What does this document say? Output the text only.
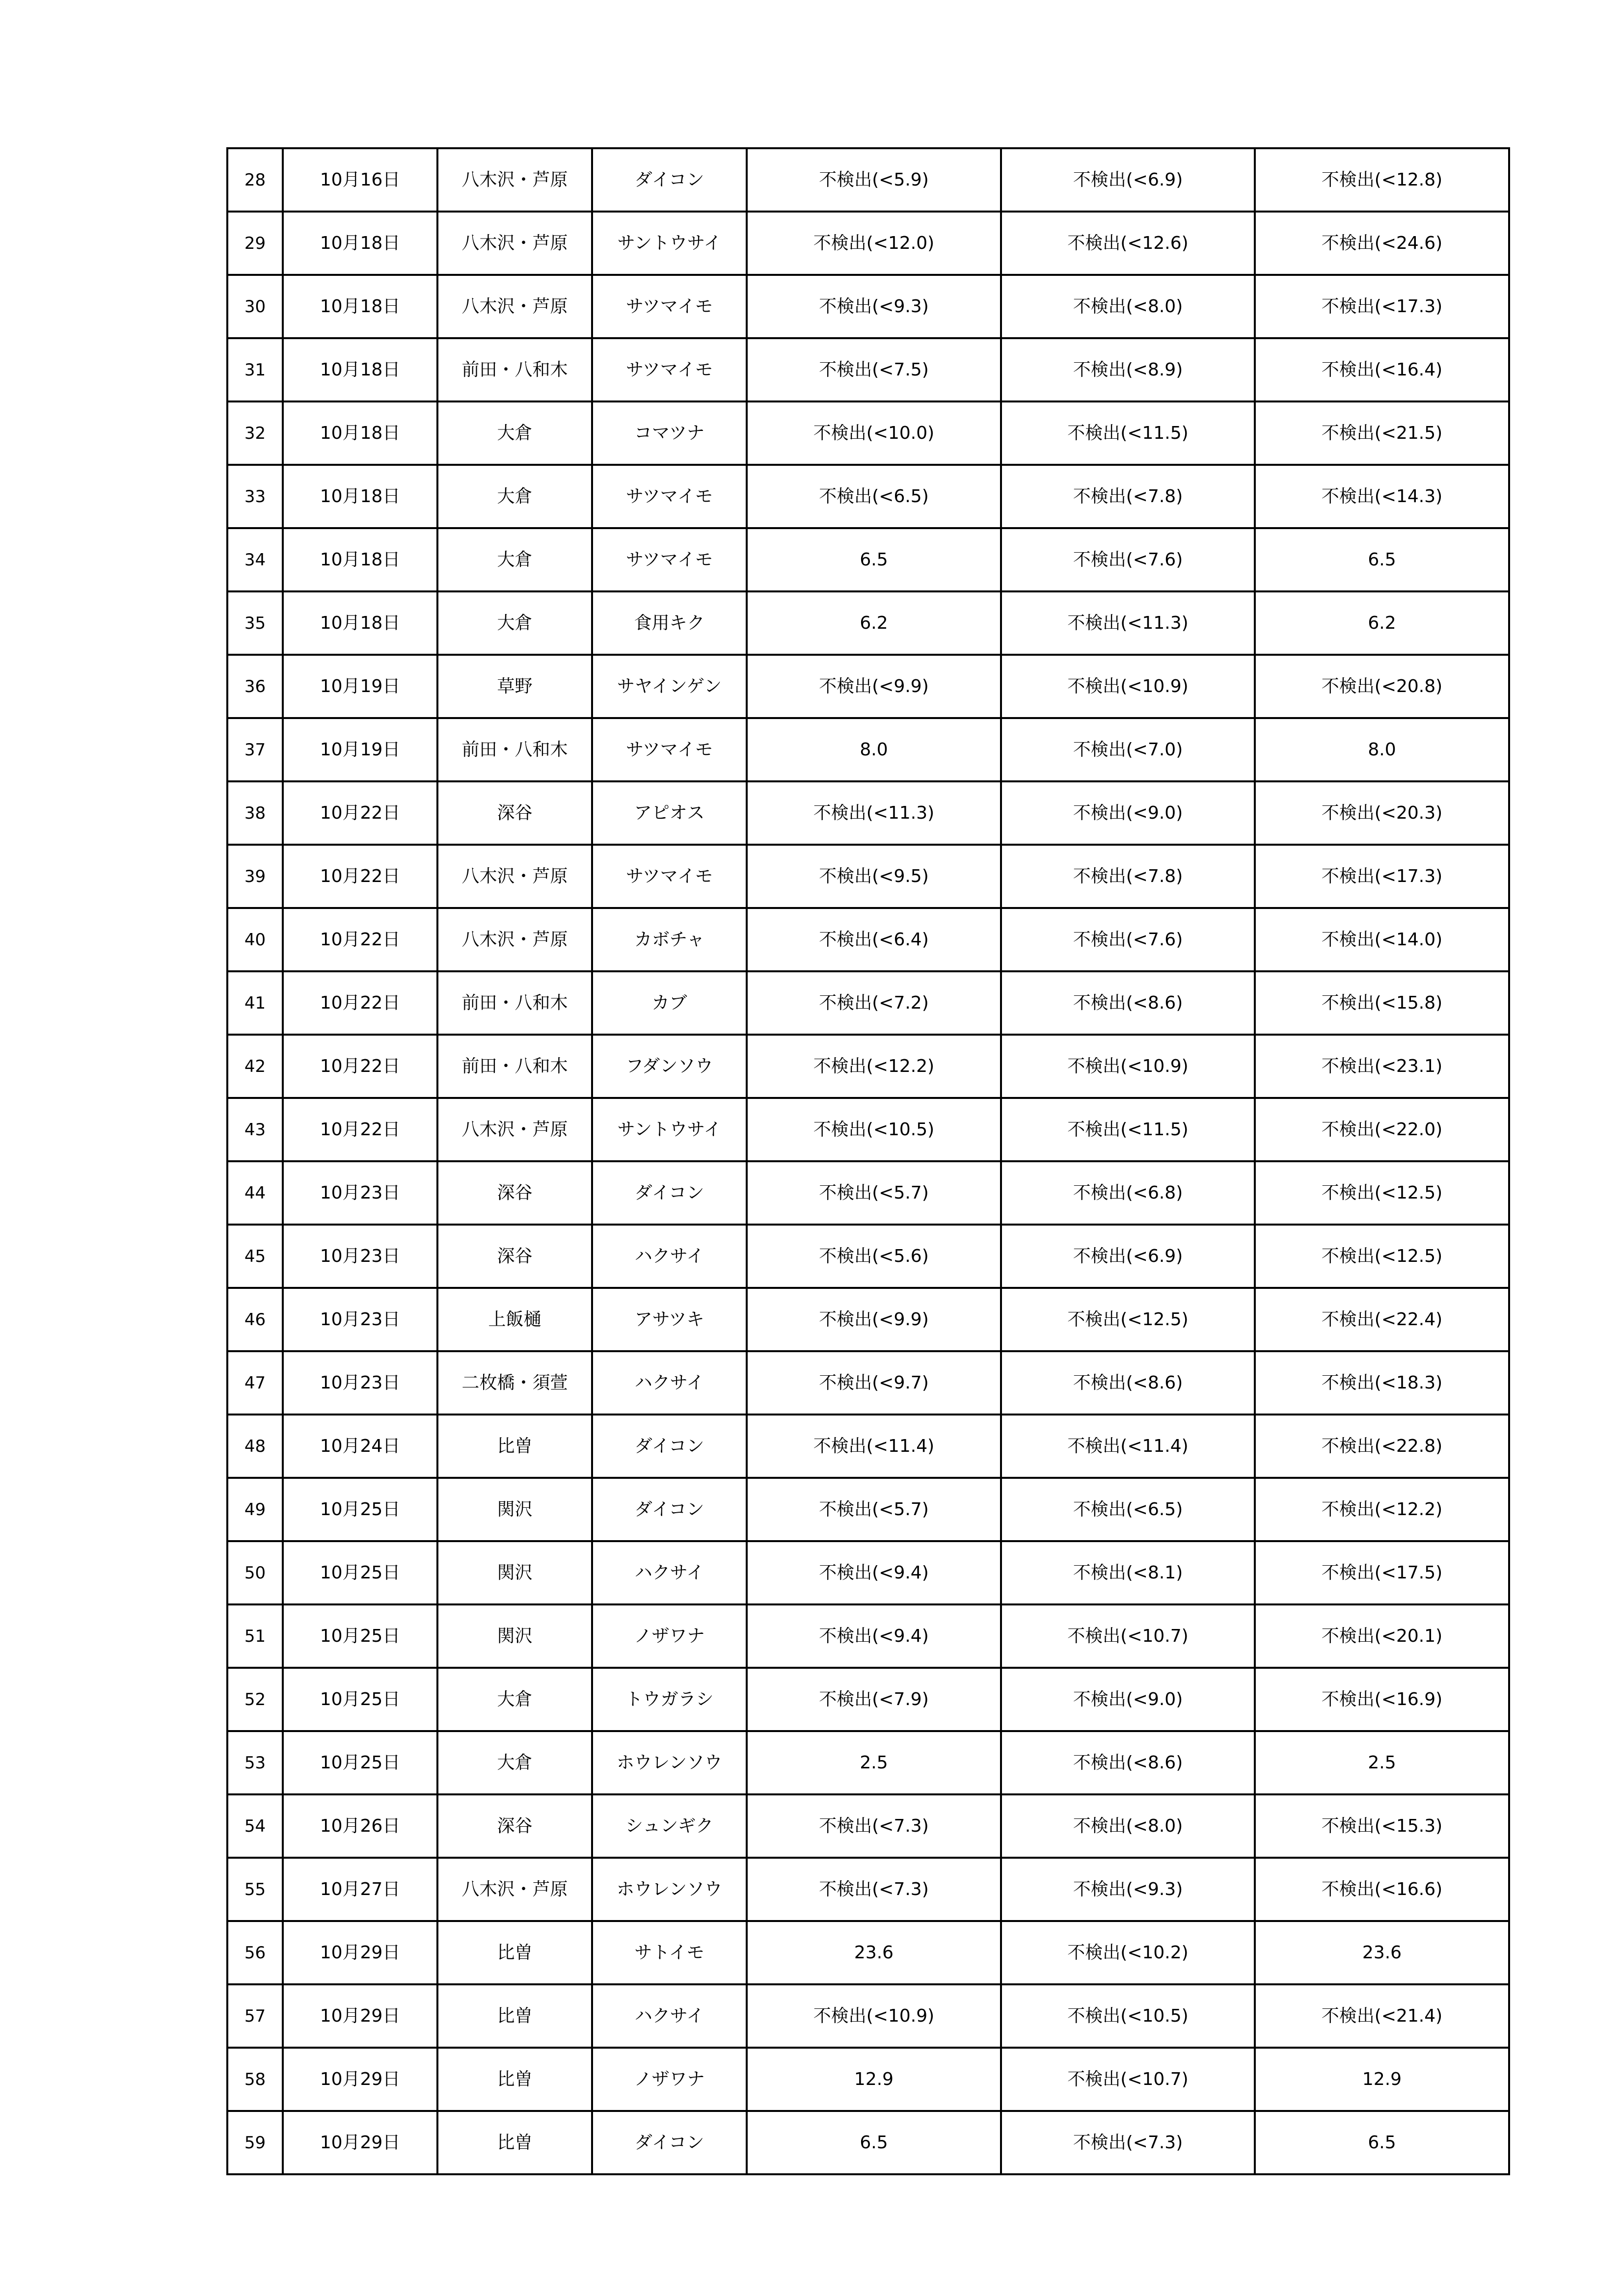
28	10月16日	八木沢・芦原	ダイコン	不検出(<5.9)	不検出(<6.9)	不検出(<12.8)
29	10月18日	八木沢・芦原	サントウサイ	不検出(<12.0)	不検出(<12.6)	不検出(<24.6)
30	10月18日	八木沢・芦原	サツマイモ	不検出(<9.3)	不検出(<8.0)	不検出(<17.3)
31	10月18日	前田・八和木	サツマイモ	不検出(<7.5)	不検出(<8.9)	不検出(<16.4)
32	10月18日	大倉	コマツナ	不検出(<10.0)	不検出(<11.5)	不検出(<21.5)
33	10月18日	大倉	サツマイモ	不検出(<6.5)	不検出(<7.8)	不検出(<14.3)
34	10月18日	大倉	サツマイモ	6.5	不検出(<7.6)	6.5
35	10月18日	大倉	食用キク	6.2	不検出(<11.3)	6.2
36	10月19日	草野	サヤインゲン	不検出(<9.9)	不検出(<10.9)	不検出(<20.8)
37	10月19日	前田・八和木	サツマイモ	8.0	不検出(<7.0)	8.0
38	10月22日	深谷	アピオス	不検出(<11.3)	不検出(<9.0)	不検出(<20.3)
39	10月22日	八木沢・芦原	サツマイモ	不検出(<9.5)	不検出(<7.8)	不検出(<17.3)
40	10月22日	八木沢・芦原	カボチャ	不検出(<6.4)	不検出(<7.6)	不検出(<14.0)
41	10月22日	前田・八和木	カブ	不検出(<7.2)	不検出(<8.6)	不検出(<15.8)
42	10月22日	前田・八和木	フダンソウ	不検出(<12.2)	不検出(<10.9)	不検出(<23.1)
43	10月22日	八木沢・芦原	サントウサイ	不検出(<10.5)	不検出(<11.5)	不検出(<22.0)
44	10月23日	深谷	ダイコン	不検出(<5.7)	不検出(<6.8)	不検出(<12.5)
45	10月23日	深谷	ハクサイ	不検出(<5.6)	不検出(<6.9)	不検出(<12.5)
46	10月23日	上飯樋	アサツキ	不検出(<9.9)	不検出(<12.5)	不検出(<22.4)
47	10月23日	二枚橋・須萱	ハクサイ	不検出(<9.7)	不検出(<8.6)	不検出(<18.3)
48	10月24日	比曽	ダイコン	不検出(<11.4)	不検出(<11.4)	不検出(<22.8)
49	10月25日	関沢	ダイコン	不検出(<5.7)	不検出(<6.5)	不検出(<12.2)
50	10月25日	関沢	ハクサイ	不検出(<9.4)	不検出(<8.1)	不検出(<17.5)
51	10月25日	関沢	ノザワナ	不検出(<9.4)	不検出(<10.7)	不検出(<20.1)
52	10月25日	大倉	トウガラシ	不検出(<7.9)	不検出(<9.0)	不検出(<16.9)
53	10月25日	大倉	ホウレンソウ	2.5	不検出(<8.6)	2.5
54	10月26日	深谷	シュンギク	不検出(<7.3)	不検出(<8.0)	不検出(<15.3)
55	10月27日	八木沢・芦原	ホウレンソウ	不検出(<7.3)	不検出(<9.3)	不検出(<16.6)
56	10月29日	比曽	サトイモ	23.6	不検出(<10.2)	23.6
57	10月29日	比曽	ハクサイ	不検出(<10.9)	不検出(<10.5)	不検出(<21.4)
58	10月29日	比曽	ノザワナ	12.9	不検出(<10.7)	12.9
59	10月29日	比曽	ダイコン	6.5	不検出(<7.3)	6.5
